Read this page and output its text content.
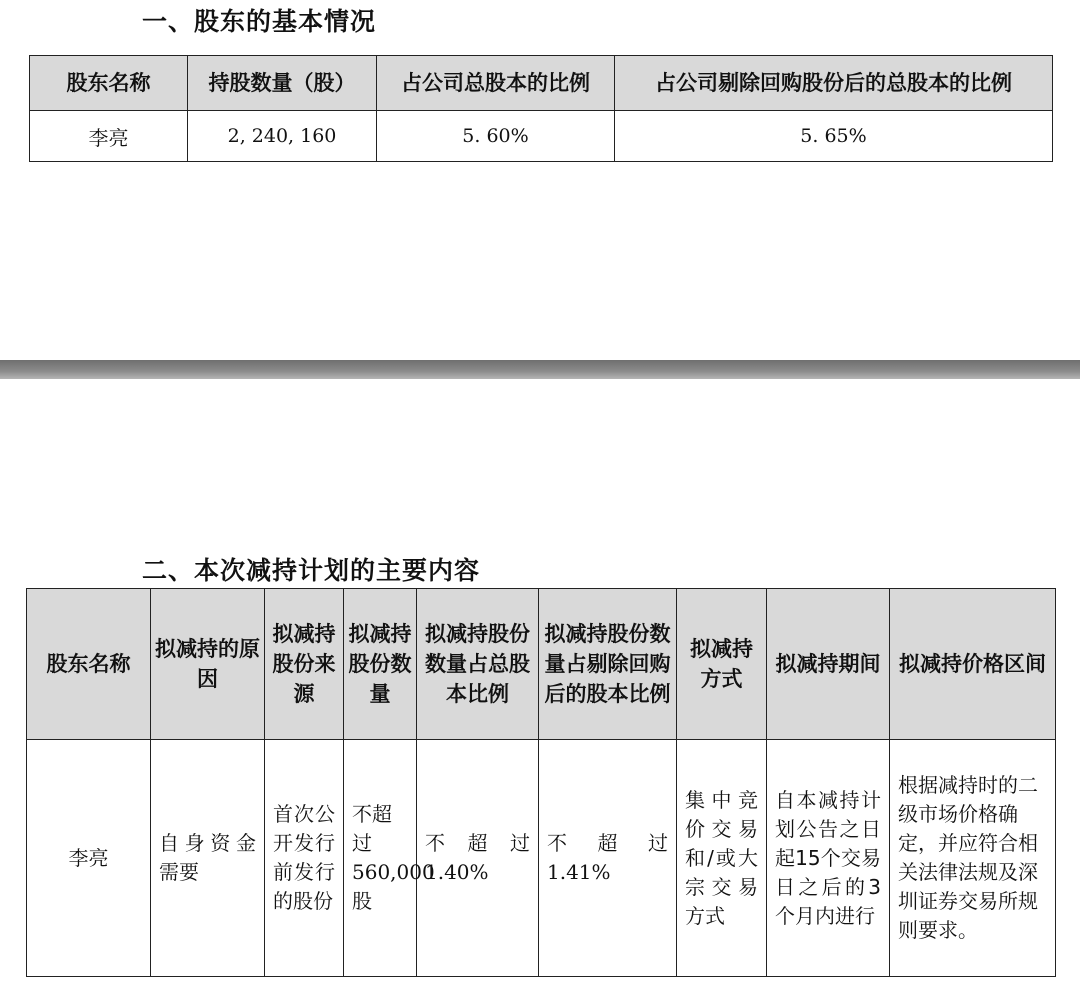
一、股东的基本情况
股东名称	持股数量（股）	占公司总股本的比例	占公司剔除回购股份后的总股本的比例
李亮	2, 240, 160	5. 60%	5. 65%
二、本次减持计划的主要内容
股东名称	拟减持的原因	拟减持股份来源	拟减持股份数量	拟减持股份数量占总股本比例	拟减持股份数量占剔除回购后的股本比例	拟减持方式	拟减持期间	拟减持价格区间
李亮	自身资金需要	首次公开发行前发行的股份	不超过560,000股	不超过1.40%	不超过1.41%	集中竞价交易和/或大宗交易方式	自本减持计划公告之日起15个交易日之后的3个月内进行	根据减持时的二级市场价格确定，并应符合相关法律法规及深圳证券交易所规则要求。
